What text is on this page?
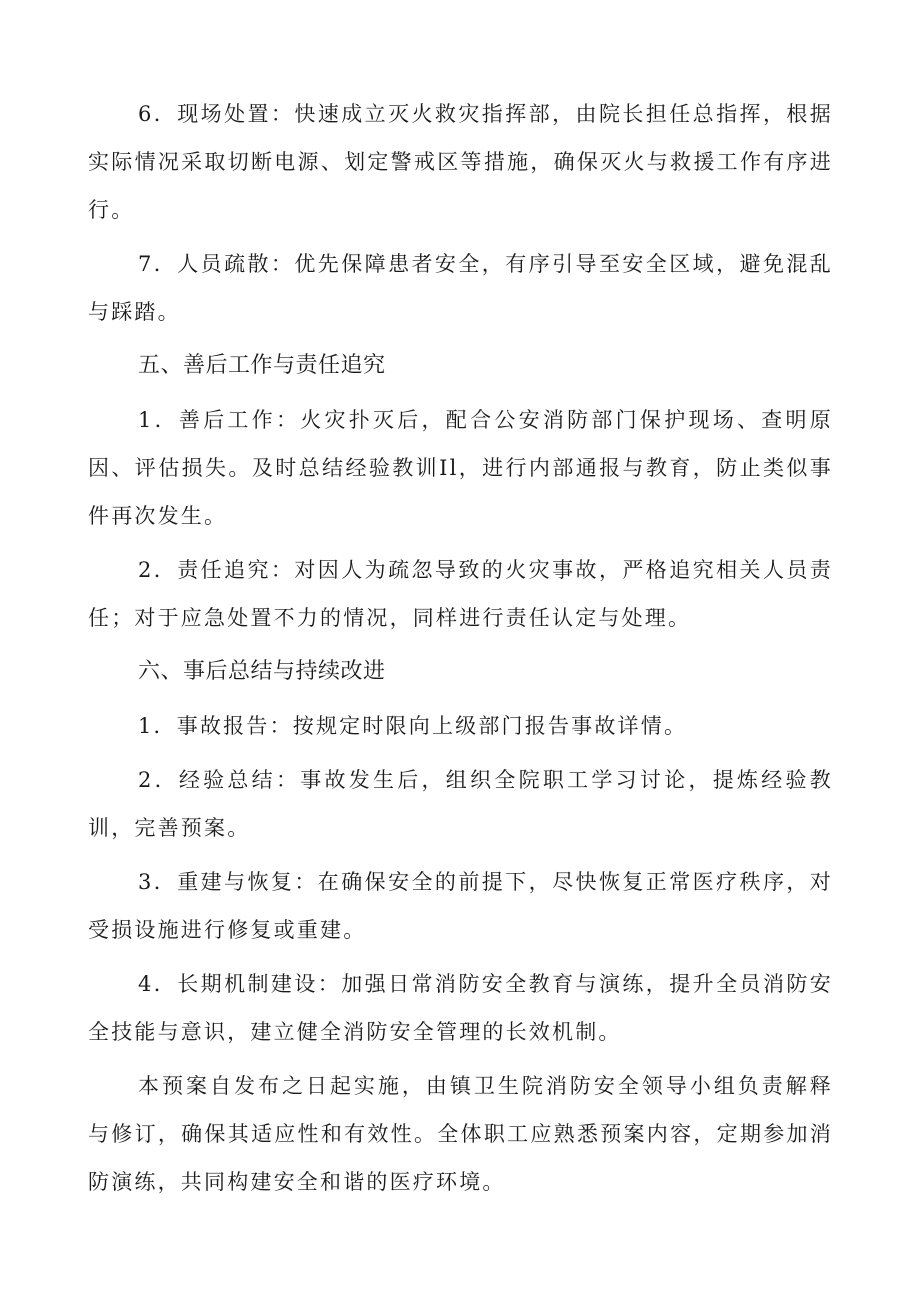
6．现场处置：快速成立灭火救灾指挥部，由院长担任总指挥，根据实际情况采取切断电源、划定警戒区等措施，确保灭火与救援工作有序进行。

7．人员疏散：优先保障患者安全，有序引导至安全区域，避免混乱与踩踏。

五、善后工作与责任追究

1．善后工作：火灾扑灭后，配合公安消防部门保护现场、查明原因、评估损失。及时总结经验教训Il，进行内部通报与教育，防止类似事件再次发生。

2．责任追究：对因人为疏忽导致的火灾事故，严格追究相关人员责任；对于应急处置不力的情况，同样进行责任认定与处理。

六、事后总结与持续改进

1．事故报告：按规定时限向上级部门报告事故详情。

2．经验总结：事故发生后，组织全院职工学习讨论，提炼经验教训，完善预案。

3．重建与恢复：在确保安全的前提下，尽快恢复正常医疗秩序，对受损设施进行修复或重建。

4．长期机制建设：加强日常消防安全教育与演练，提升全员消防安全技能与意识，建立健全消防安全管理的长效机制。

本预案自发布之日起实施，由镇卫生院消防安全领导小组负责解释与修订，确保其适应性和有效性。全体职工应熟悉预案内容，定期参加消防演练，共同构建安全和谐的医疗环境。
